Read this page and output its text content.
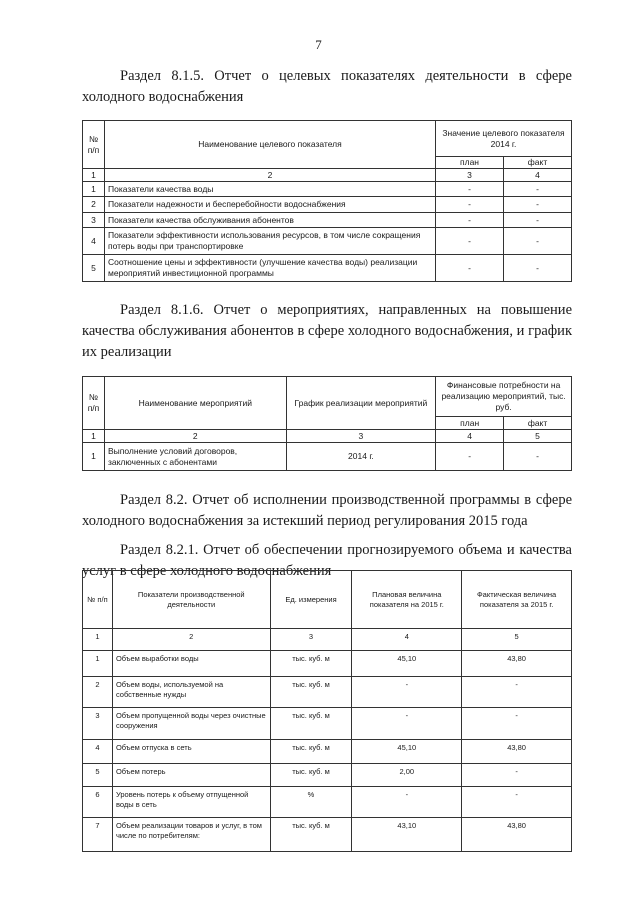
7
Раздел 8.1.5. Отчет о целевых показателях деятельности в сфере
холодного водоснабжения
№ п/п	Наименование целевого показателя	Значение целевого показателя 2014 г.	
		план	факт
1	2	3	4
1	Показатели качества воды	-	-
2	Показатели надежности и бесперебойности водоснабжения	-	-
3	Показатели качества обслуживания абонентов	-	-
4	Показатели эффективности использования ресурсов, в том числе сокращения потерь воды при транспортировке	-	-
5	Соотношение цены и эффективности (улучшение качества воды) реализации мероприятий инвестиционной программы	-	-
Раздел 8.1.6. Отчет о мероприятиях, направленных на повышение
качества обслуживания абонентов в сфере холодного водоснабжения, и график
их реализации
№ п/п	Наименование мероприятий	График реализации мероприятий	Финансовые потребности на реализацию мероприятий, тыс. руб.	
			план	факт
1	2	3	4	5
1	Выполнение условий договоров, заключенных с абонентами	2014 г.	-	-
Раздел 8.2. Отчет об исполнении производственной программы в сфере
холодного водоснабжения за истекший период регулирования 2015 года
Раздел 8.2.1. Отчет об обеспечении прогнозируемого объема и качества
услуг в сфере холодного водоснабжения
№ п/п	Показатели производственной деятельности	Ед. измерения	Плановая величина показателя на 2015 г.	Фактическая величина показателя за 2015 г.
1	2	3	4	5
1	Объем выработки воды	тыс. куб. м	45,10	43,80
2	Объем воды, используемой на собственные нужды	тыс. куб. м	-	-
3	Объем пропущенной воды через очистные сооружения	тыс. куб. м	-	-
4	Объем отпуска в сеть	тыс. куб. м	45,10	43,80
5	Объем потерь	тыс. куб. м	2,00	-
6	Уровень потерь к объему отпущенной воды в сеть	%	-	-
7	Объем реализации товаров и услуг, в том числе по потребителям:	тыс. куб. м	43,10	43,80
